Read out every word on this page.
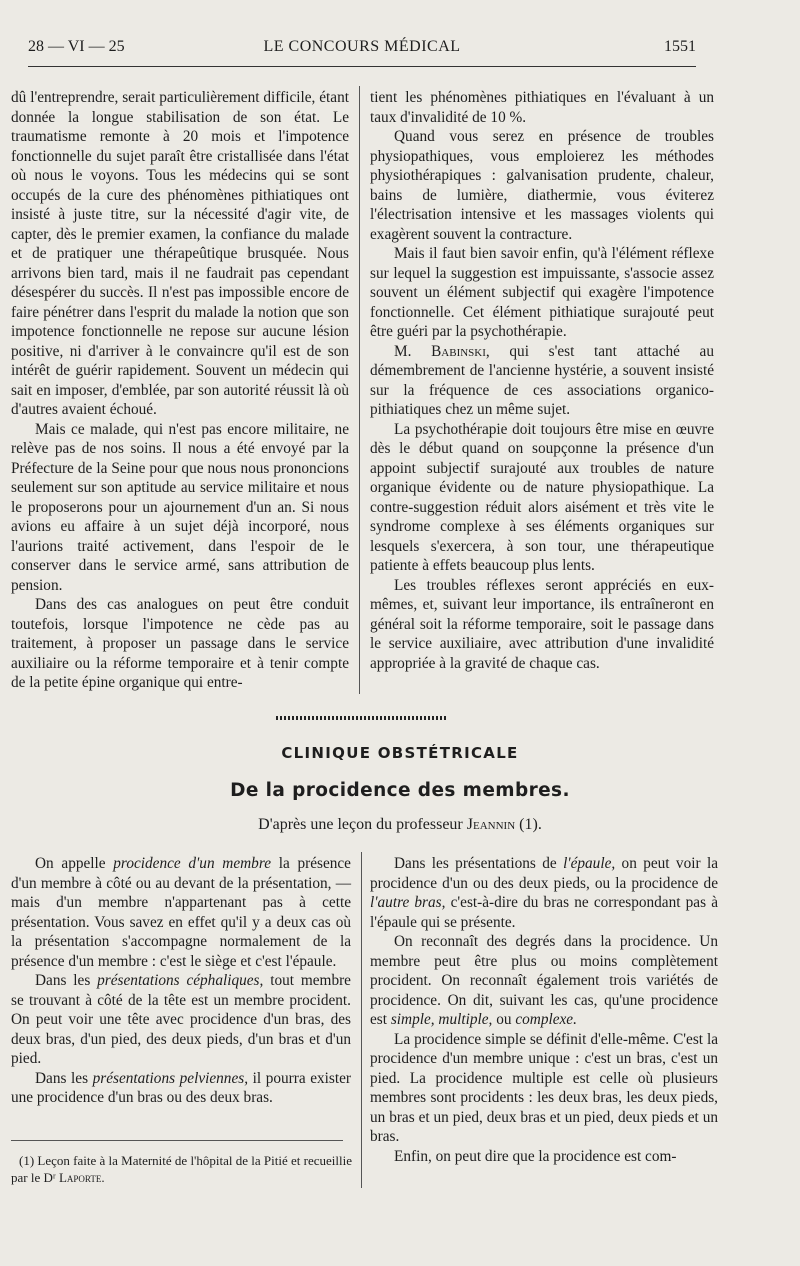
28 — VI — 25	LE CONCOURS MÉDICAL	1551

dû l'entreprendre, serait particulièrement difficile, étant donnée la longue stabilisation de son état. Le traumatisme remonte à 20 mois et l'impotence fonctionnelle du sujet paraît être cristallisée dans l'état où nous le voyons. Tous les médecins qui se sont occupés de la cure des phénomènes pithiatiques ont insisté à juste titre, sur la nécessité d'agir vite, de capter, dès le premier examen, la confiance du malade et de pratiquer une thérapeûtique brusquée. Nous arrivons bien tard, mais il ne faudrait pas cependant désespérer du succès. Il n'est pas impossible encore de faire pénétrer dans l'esprit du malade la notion que son impotence fonctionnelle ne repose sur aucune lésion positive, ni d'arriver à le convaincre qu'il est de son intérêt de guérir rapidement. Souvent un médecin qui sait en imposer, d'emblée, par son autorité réussit là où d'autres avaient échoué.

Mais ce malade, qui n'est pas encore militaire, ne relève pas de nos soins. Il nous a été envoyé par la Préfecture de la Seine pour que nous nous prononcions seulement sur son aptitude au service militaire et nous le proposerons pour un ajournement d'un an. Si nous avions eu affaire à un sujet déjà incorporé, nous l'aurions traité activement, dans l'espoir de le conserver dans le service armé, sans attribution de pension.

Dans des cas analogues on peut être conduit toutefois, lorsque l'impotence ne cède pas au traitement, à proposer un passage dans le service auxiliaire ou la réforme temporaire et à tenir compte de la petite épine organique qui entre-

tient les phénomènes pithiatiques en l'évaluant à un taux d'invalidité de 10 %.

Quand vous serez en présence de troubles physiopathiques, vous emploierez les méthodes physiothérapiques : galvanisation prudente, chaleur, bains de lumière, diathermie, vous éviterez l'électrisation intensive et les massages violents qui exagèrent souvent la contracture.

Mais il faut bien savoir enfin, qu'à l'élément réflexe sur lequel la suggestion est impuissante, s'associe assez souvent un élément subjectif qui exagère l'impotence fonctionnelle. Cet élément pithiatique surajouté peut être guéri par la psychothérapie.

M. Babinski, qui s'est tant attaché au démembrement de l'ancienne hystérie, a souvent insisté sur la fréquence de ces associations organico-pithiatiques chez un même sujet.

La psychothérapie doit toujours être mise en œuvre dès le début quand on soupçonne la présence d'un appoint subjectif surajouté aux troubles de nature organique évidente ou de nature physiopathique. La contre-suggestion réduit alors aisément et très vite le syndrome complexe à ses éléments organiques sur lesquels s'exercera, à son tour, une thérapeutique patiente à effets beaucoup plus lents.

Les troubles réflexes seront appréciés en eux-mêmes, et, suivant leur importance, ils entraîneront en général soit la réforme temporaire, soit le passage dans le service auxiliaire, avec attribution d'une invalidité appropriée à la gravité de chaque cas.

CLINIQUE OBSTÉTRICALE
De la procidence des membres.
D'après une leçon du professeur Jeannin (1).

On appelle procidence d'un membre la présence d'un membre à côté ou au devant de la présentation, — mais d'un membre n'appartenant pas à cette présentation. Vous savez en effet qu'il y a deux cas où la présentation s'accompagne normalement de la présence d'un membre : c'est le siège et c'est l'épaule.

Dans les présentations céphaliques, tout membre se trouvant à côté de la tête est un membre procident. On peut voir une tête avec procidence d'un bras, des deux bras, d'un pied, des deux pieds, d'un bras et d'un pied.

Dans les présentations pelviennes, il pourra exister une procidence d'un bras ou des deux bras.

(1) Leçon faite à la Maternité de l'hôpital de la Pitié et recueillie par le Dʳ Laporte.

Dans les présentations de l'épaule, on peut voir la procidence d'un ou des deux pieds, ou la procidence de l'autre bras, c'est-à-dire du bras ne correspondant pas à l'épaule qui se présente.

On reconnaît des degrés dans la procidence. Un membre peut être plus ou moins complètement procident. On reconnaît également trois variétés de procidence. On dit, suivant les cas, qu'une procidence est simple, multiple, ou complexe.

La procidence simple se définit d'elle-même. C'est la procidence d'un membre unique : c'est un bras, c'est un pied. La procidence multiple est celle où plusieurs membres sont procidents : les deux bras, les deux pieds, un bras et un pied, deux bras et un pied, deux pieds et un bras.

Enfin, on peut dire que la procidence est com-
